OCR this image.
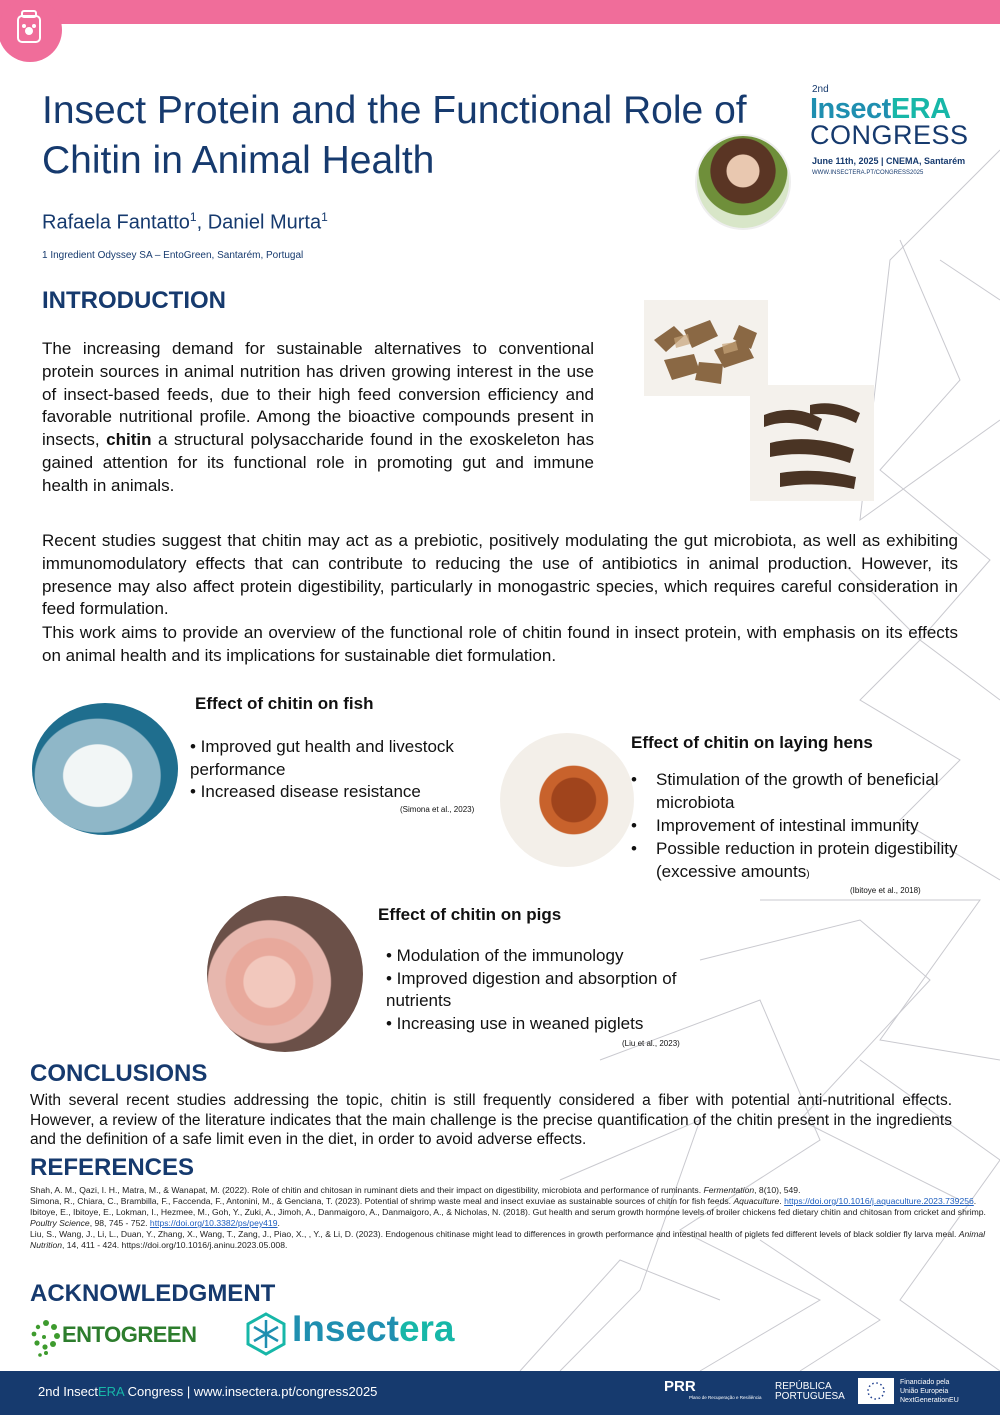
Insect Protein and the Functional Role of Chitin in Animal Health
Rafaela Fantatto$^1$, Daniel Murta$^1$
1 Ingredient Odyssey SA – EntoGreen, Santarém, Portugal
2nd
InsectERA
CONGRESS
June 11th, 2025 | CNEMA, Santarém
WWW.INSECTERA.PT/CONGRESS2025
INTRODUCTION

The increasing demand for sustainable alternatives to conventional protein sources in animal nutrition has driven growing interest in the use of insect-based feeds, due to their high feed conversion efficiency and favorable nutritional profile. Among the bioactive compounds present in insects, chitin a structural polysaccharide found in the exoskeleton has gained attention for its functional role in promoting gut and immune health in animals.

Recent studies suggest that chitin may act as a prebiotic, positively modulating the gut microbiota, as well as exhibiting immunomodulatory effects that can contribute to reducing the use of antibiotics in animal production. However, its presence may also affect protein digestibility, particularly in monogastric species, which requires careful consideration in feed formulation.

This work aims to provide an overview of the functional role of chitin found in insect protein, with emphasis on its effects on animal health and its implications for sustainable diet formulation.

Effect of chitin on fish
• Improved gut health and livestock performance
• Increased disease resistance
(Simona et al., 2023)
Effect of chitin on laying hens
•	Stimulation of the growth of beneficial microbiota
•	Improvement of intestinal immunity
•	Possible reduction in protein digestibility (excessive amounts)
(Ibitoye et al., 2018)
Effect of chitin on pigs
• Modulation of the immunology
• Improved digestion and absorption of nutrients
• Increasing use in weaned piglets
(Liu et al., 2023)
CONCLUSIONS

With several recent studies addressing the topic, chitin is still frequently considered a fiber with potential anti-nutritional effects. However, a review of the literature indicates that the main challenge is the precise quantification of the chitin present in the ingredients and the definition of a safe limit even in the diet, in order to avoid adverse effects.

REFERENCES

Shah, A. M., Qazi, I. H., Matra, M., & Wanapat, M. (2022). Role of chitin and chitosan in ruminant diets and their impact on digestibility, microbiota and performance of ruminants. Fermentation, 8(10), 549.

Simona, R., Chiara, C., Brambilla, F., Faccenda, F., Antonini, M., & Genciana, T. (2023). Potential of shrimp waste meal and insect exuviae as sustainable sources of chitin for fish feeds. Aquaculture. https://doi.org/10.1016/j.aquaculture.2023.739256.

Ibitoye, E., Ibitoye, E., Lokman, I., Hezmee, M., Goh, Y., Zuki, A., Jimoh, A., Danmaigoro, A., Danmaigoro, A., & Nicholas, N. (2018). Gut health and serum growth hormone levels of broiler chickens fed dietary chitin and chitosan from cricket and shrimp. Poultry Science, 98, 745 - 752. https://doi.org/10.3382/ps/pey419.

Liu, S., Wang, J., Li, L., Duan, Y., Zhang, X., Wang, T., Zang, J., Piao, X., , Y., & Li, D. (2023). Endogenous chitinase might lead to differences in growth performance and intestinal health of piglets fed different levels of black soldier fly larva meal. Animal Nutrition, 14, 411 - 424. https://doi.org/10.1016/j.aninu.2023.05.008.

ACKNOWLEDGMENT
ENTOGREEN	Insectera
2nd InsectERA Congress | www.insectera.pt/congress2025	PRR
Plano de Recuperação e Resiliência
REPÚBLICA
PORTUGUESA
Financiado pela
União Europeia
NextGenerationEU
